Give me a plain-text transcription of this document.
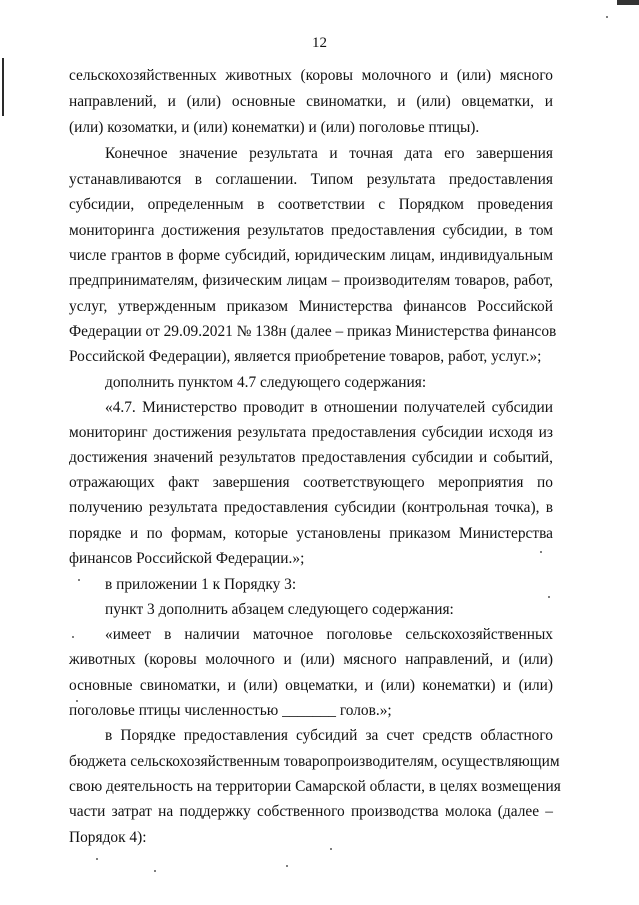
12
сельскохозяйственных животных (коровы молочного и (или) мясного
направлений, и (или) основные свиноматки, и (или) овцематки, и
(или) козоматки, и (или) конематки) и (или) поголовье птицы).
Конечное значение результата и точная дата его завершения
устанавливаются в соглашении. Типом результата предоставления
субсидии, определенным в соответствии с Порядком проведения
мониторинга достижения результатов предоставления субсидии, в том
числе грантов в форме субсидий, юридическим лицам, индивидуальным
предпринимателям, физическим лицам – производителям товаров, работ,
услуг, утвержденным приказом Министерства финансов Российской
Федерации от 29.09.2021 № 138н (далее – приказ Министерства финансов
Российской Федерации), является приобретение товаров, работ, услуг.»;
дополнить пунктом 4.7 следующего содержания:
«4.7. Министерство проводит в отношении получателей субсидии
мониторинг достижения результата предоставления субсидии исходя из
достижения значений результатов предоставления субсидии и событий,
отражающих факт завершения соответствующего мероприятия по
получению результата предоставления субсидии (контрольная точка), в
порядке и по формам, которые установлены приказом Министерства
финансов Российской Федерации.»;
в приложении 1 к Порядку 3:
пункт 3 дополнить абзацем следующего содержания:
«имеет в наличии маточное поголовье сельскохозяйственных
животных (коровы молочного и (или) мясного направлений, и (или)
основные свиноматки, и (или) овцематки, и (или) конематки) и (или)
поголовье птицы численностью _______ голов.»;
в Порядке предоставления субсидий за счет средств областного
бюджета сельскохозяйственным товаропроизводителям, осуществляющим
свою деятельность на территории Самарской области, в целях возмещения
части затрат на поддержку собственного производства молока (далее –
Порядок 4):
